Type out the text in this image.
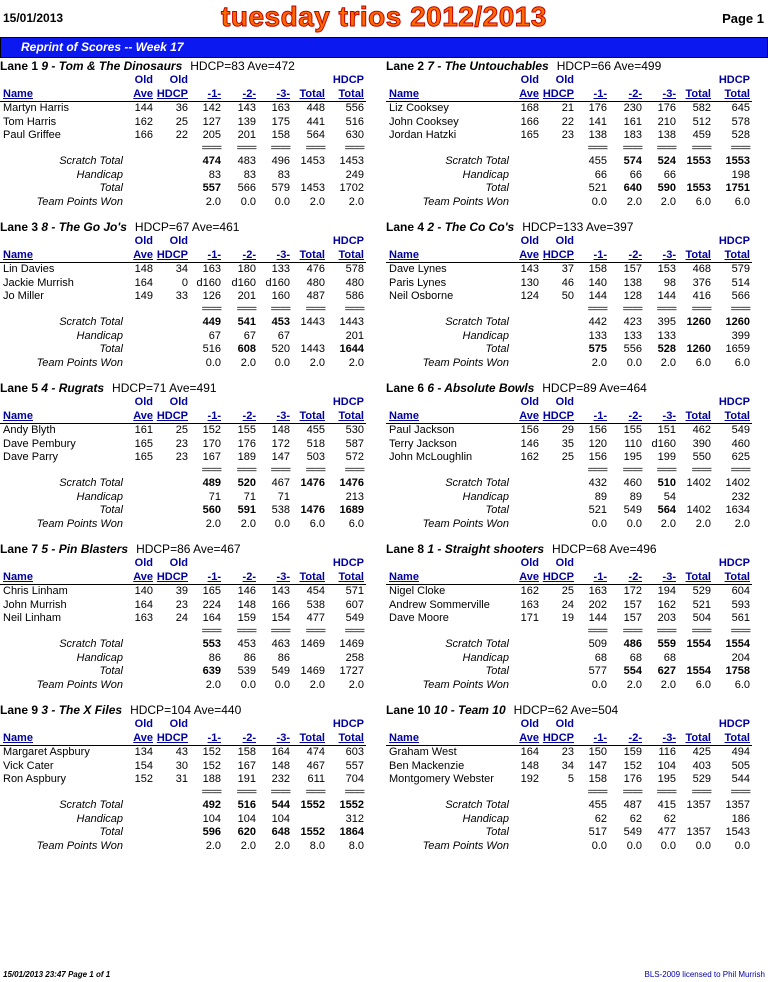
15/01/2013	tuesday trios 2012/2013	Page 1
Reprint of Scores -- Week 17
Lane 1 9 - Tom & The Dinosaurs HDCP=83 Ave=472
Old Old	HDCP
Name	Ave HDCP -1- -2- -3- Total Total
Martyn Harris	144 36 142 143 163 448 556
Tom Harris	162 25 127 139 175 441 516
Paul Griffee	166 22 205 201 158 564 630
==== ==== ==== ==== ====
Scratch Total	474 483 496 1453 1453
Handicap	83 83 83	249
Total	557 566 579 1453 1702
Team Points Won	2.0 0.0 0.0 2.0 2.0
Lane 2 7 - The Untouchables HDCP=66 Ave=499
Old Old	HDCP
Name	Ave HDCP -1- -2- -3- Total Total
Liz Cooksey	168 21 176 230 176 582 645
John Cooksey	166 22 141 161 210 512 578
Jordan Hatzki	165 23 138 183 138 459 528
==== ==== ==== ==== ====
Scratch Total	455 574 524 1553 1553
Handicap	66 66 66	198
Total	521 640 590 1553 1751
Team Points Won	0.0 2.0 2.0 6.0 6.0
Lane 3 8 - The Go Jo's HDCP=67 Ave=461
Old Old	HDCP
Name	Ave HDCP -1- -2- -3- Total Total
Lin Davies	148 34 163 180 133 476 578
Jackie Murrish	164	0 d160 d160 d160 480 480
Jo Miller	149 33 126 201 160 487 586
==== ==== ==== ==== ====
Scratch Total	449 541 453 1443 1443
Handicap	67 67 67	201
Total	516 608 520 1443 1644
Team Points Won	0.0 2.0 0.0 2.0 2.0
Lane 4 2 - The Co Co's HDCP=133 Ave=397
Old Old	HDCP
Name	Ave HDCP -1- -2- -3- Total Total
Dave Lynes	143 37 158 157 153 468 579
Paris Lynes	130 46 140 138 98 376 514
Neil Osborne	124 50 144 128 144 416 566
==== ==== ==== ==== ====
Scratch Total	442 423 395 1260 1260
Handicap	133 133 133	399
Total	575 556 528 1260 1659
Team Points Won	2.0 0.0 2.0 6.0 6.0
Lane 5 4 - Rugrats HDCP=71 Ave=491
Old Old	HDCP
Name	Ave HDCP -1- -2- -3- Total Total
Andy Blyth	161 25 152 155 148 455 530
Dave Pembury	165 23 170 176 172 518 587
Dave Parry	165 23 167 189 147 503 572
==== ==== ==== ==== ====
Scratch Total	489 520 467 1476 1476
Handicap	71 71 71	213
Total	560 591 538 1476 1689
Team Points Won	2.0 2.0 0.0 6.0 6.0
Lane 6 6 - Absolute Bowls HDCP=89 Ave=464
Old Old	HDCP
Name	Ave HDCP -1- -2- -3- Total Total
Paul Jackson	156 29 156 155 151 462 549
Terry Jackson	146 35 120 110 d160 390 460
John McLoughlin	162 25 156 195 199 550 625
==== ==== ==== ==== ====
Scratch Total	432 460 510 1402 1402
Handicap	89 89 54	232
Total	521 549 564 1402 1634
Team Points Won	0.0 0.0 2.0 2.0 2.0
Lane 7 5 - Pin Blasters HDCP=86 Ave=467
Old Old	HDCP
Name	Ave HDCP -1- -2- -3- Total Total
Chris Linham	140 39 165 146 143 454 571
John Murrish	164 23 224 148 166 538 607
Neil Linham	163 24 164 159 154 477 549
==== ==== ==== ==== ====
Scratch Total	553 453 463 1469 1469
Handicap	86 86 86	258
Total	639 539 549 1469 1727
Team Points Won	2.0 0.0 0.0 2.0 2.0
Lane 8 1 - Straight shooters HDCP=68 Ave=496
Old Old	HDCP
Name	Ave HDCP -1- -2- -3- Total Total
Nigel Cloke	162 25 163 172 194 529 604
Andrew Sommerville	163 24 202 157 162 521 593
Dave Moore	171 19 144 157 203 504 561
==== ==== ==== ==== ====
Scratch Total	509 486 559 1554 1554
Handicap	68 68 68	204
Total	577 554 627 1554 1758
Team Points Won	0.0 2.0 2.0 6.0 6.0
Lane 9 3 - The X Files HDCP=104 Ave=440
Old Old	HDCP
Name	Ave HDCP -1- -2- -3- Total Total
Margaret Aspbury	134 43 152 158 164 474 603
Vick Cater	154 30 152 167 148 467 557
Ron Aspbury	152 31 188 191 232 611 704
==== ==== ==== ==== ====
Scratch Total	492 516 544 1552 1552
Handicap	104 104 104	312
Total	596 620 648 1552 1864
Team Points Won	2.0 2.0 2.0 8.0 8.0
Lane 10 10 - Team 10 HDCP=62 Ave=504
Old Old	HDCP
Name	Ave HDCP -1- -2- -3- Total Total
Graham West	164 23 150 159 116 425 494
Ben Mackenzie	148 34 147 152 104 403 505
Montgomery Webster 192	5 158 176 195 529 544
==== ==== ==== ==== ====
Scratch Total	455 487 415 1357 1357
Handicap	62 62 62	186
Total	517 549 477 1357 1543
Team Points Won	0.0 0.0 0.0 0.0 0.0
15/01/2013 23:47 Page 1 of 1	BLS-2009 licensed to Phil Murrish
